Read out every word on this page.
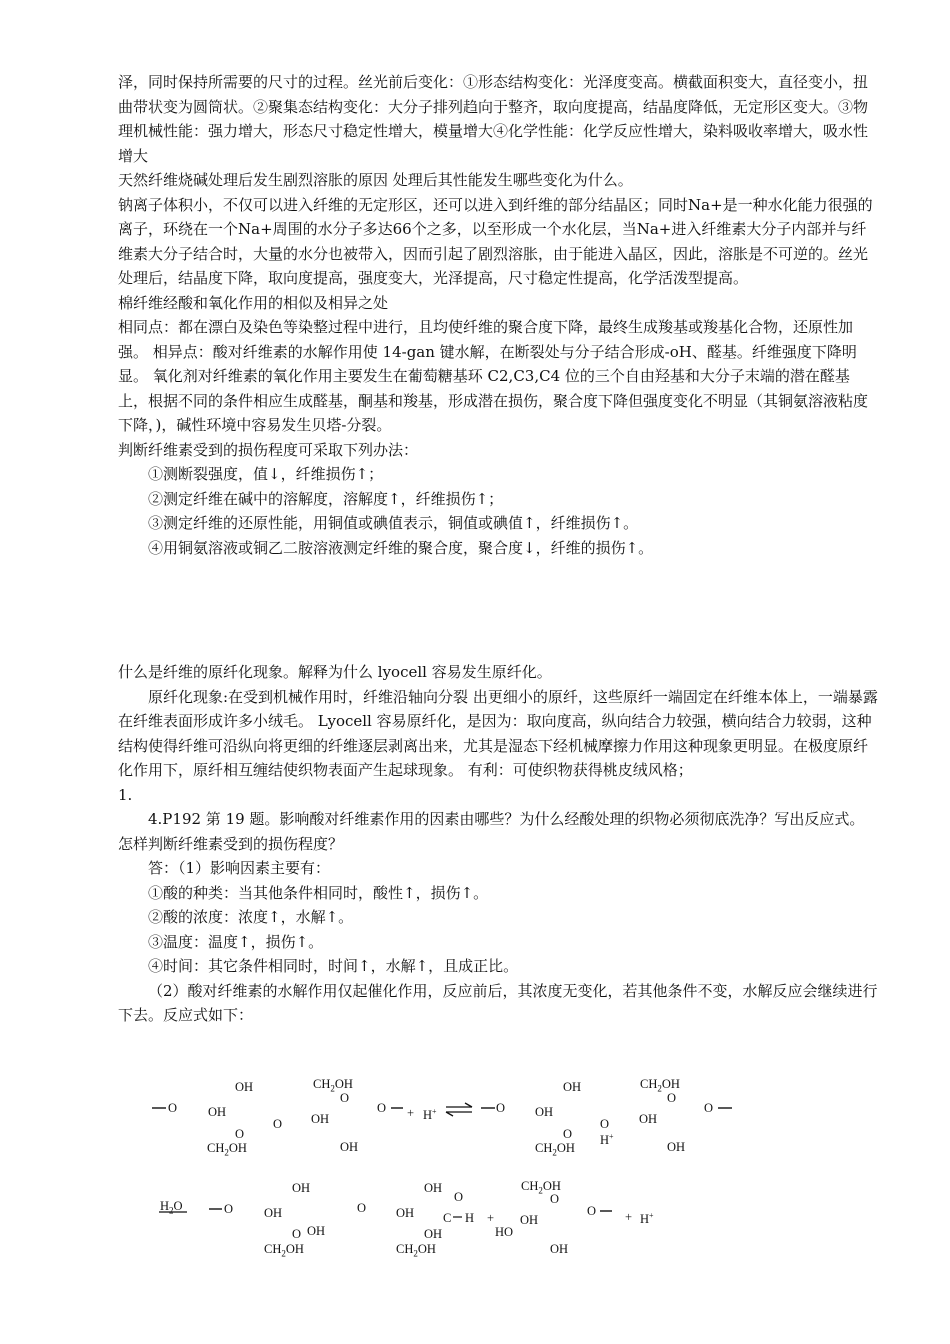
泽，同时保持所需要的尺寸的过程。丝光前后变化：①形态结构变化：光泽度变高。横截面积变大，直径变小，扭曲带状变为圆筒状。②聚集态结构变化：大分子排列趋向于整齐，取向度提高，结晶度降低，无定形区变大。③物理机械性能：强力增大，形态尺寸稳定性增大，模量增大④化学性能：化学反应性增大，染料吸收率增大，吸水性增大

天然纤维烧碱处理后发生剧烈溶胀的原因 处理后其性能发生哪些变化为什么。

钠离子体积小，不仅可以进入纤维的无定形区，还可以进入到纤维的部分结晶区；同时Na+是一种水化能力很强的离子，环绕在一个Na+周围的水分子多达66个之多，以至形成一个水化层，当Na+进入纤维素大分子内部并与纤维素大分子结合时，大量的水分也被带入，因而引起了剧烈溶胀，由于能进入晶区，因此，溶胀是不可逆的。丝光处理后，结晶度下降，取向度提高，强度变大，光泽提高，尺寸稳定性提高，化学活泼型提高。

棉纤维经酸和氧化作用的相似及相异之处

相同点：都在漂白及染色等染整过程中进行，且均使纤维的聚合度下降，最终生成羧基或羧基化合物，还原性加强。 相异点：酸对纤维素的水解作用使 14-gan 键水解，在断裂处与分子结合形成-oH、醛基。纤维强度下降明显。 氧化剂对纤维素的氧化作用主要发生在葡萄糖基环 C2,C3,C4 位的三个自由羟基和大分子末端的潜在醛基上，根据不同的条件相应生成醛基，酮基和羧基，形成潜在损伤，聚合度下降但强度变化不明显（其铜氨溶液粘度下降，)，碱性环境中容易发生贝塔-分裂。

判断纤维素受到的损伤程度可采取下列办法：

①测断裂强度，值↓，纤维损伤↑；

②测定纤维在碱中的溶解度，溶解度↑，纤维损伤↑；

③测定纤维的还原性能，用铜值或碘值表示，铜值或碘值↑，纤维损伤↑。

④用铜氨溶液或铜乙二胺溶液测定纤维的聚合度，聚合度↓，纤维的损伤↑。

什么是纤维的原纤化现象。解释为什么 lyocell 容易发生原纤化。

原纤化现象:在受到机械作用时，纤维沿轴向分裂 出更细小的原纤，这些原纤一端固定在纤维本体上，一端暴露在纤维表面形成许多小绒毛。 Lyocell 容易原纤化，是因为：取向度高，纵向结合力较强，横向结合力较弱，这种结构使得纤维可沿纵向将更细的纤维逐层剥离出来，尤其是湿态下经机械摩擦力作用这种现象更明显。在极度原纤化作用下，原纤相互缠结使织物表面产生起球现象。 有利：可使织物获得桃皮绒风格；

1.

4.P192 第 19 题。影响酸对纤维素作用的因素由哪些？为什么经酸处理的织物必须彻底洗净？写出反应式。怎样判断纤维素受到的损伤程度？

答：（1）影响因素主要有：

①酸的种类：当其他条件相同时，酸性↑，损伤↑。

②酸的浓度：浓度↑，水解↑。

③温度：温度↑，损伤↑。

④时间：其它条件相同时，时间↑，水解↑，且成正比。

（2）酸对纤维素的水解作用仅起催化作用，反应前后，其浓度无变化，若其他条件不变，水解反应会继续进行下去。反应式如下：

O
OH	$CH_2OH$
O
OH
O OH
O
$CH_2OH$	OH
O + H+	O
OH	$CH_2OH$
O
OH
O OH
H+
O
$CH_2OH$	OH
O
$H_2O$	O
OH
OH	O
O OH
$CH_2OH$
OH
O
OH C H +
OH
$CH_2OH$
$CH_2OH$
O
OH
HO
OH
O + H+
